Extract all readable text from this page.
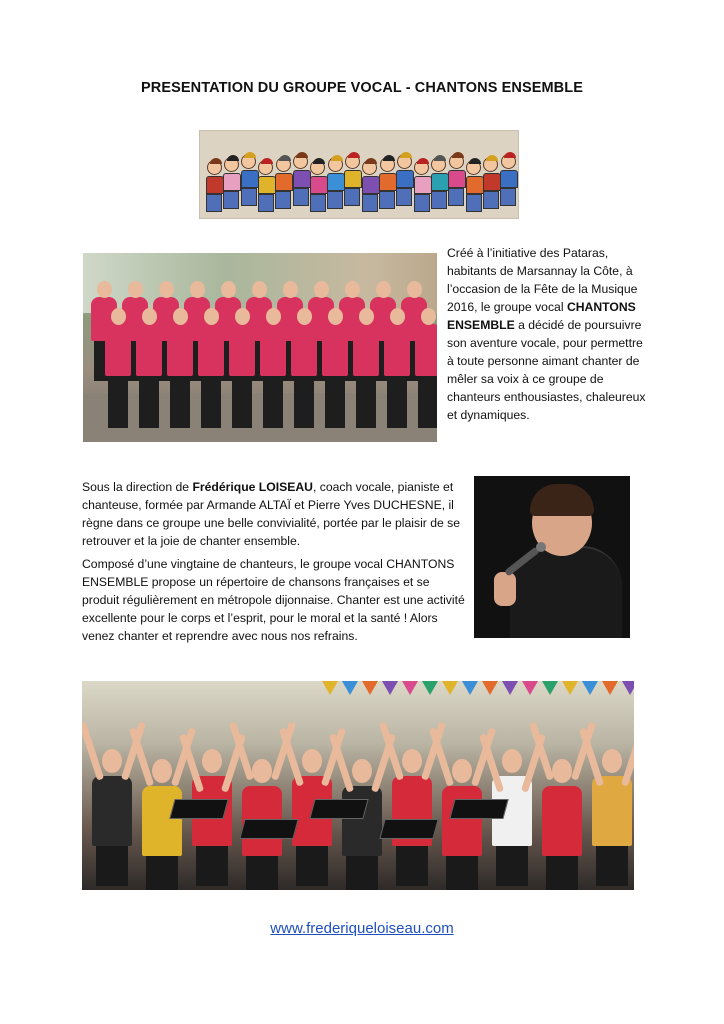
PRESENTATION DU GROUPE VOCAL - CHANTONS ENSEMBLE

Créé à l’initiative des Pataras, habitants de Marsannay la Côte, à l’occasion de la Fête de la Musique 2016, le groupe vocal CHANTONS ENSEMBLE a décidé de poursuivre son aventure vocale, pour permettre à toute personne aimant chanter de mêler sa voix à ce groupe de chanteurs enthousiastes, chaleureux et dynamiques.

Sous la direction de Frédérique LOISEAU, coach vocale, pianiste et chanteuse, formée par Armande ALTAÏ et Pierre Yves DUCHESNE, il règne dans ce groupe une belle convivialité, portée par le plaisir de se retrouver et la joie de chanter ensemble.

Composé d’une vingtaine de chanteurs, le groupe vocal CHANTONS ENSEMBLE propose un répertoire de chansons françaises et se produit régulièrement en métropole dijonnaise. Chanter est une activité excellente pour le corps et l’esprit, pour le moral et la santé ! Alors venez chanter et reprendre avec nous nos refrains.

www.frederiqueloiseau.com
